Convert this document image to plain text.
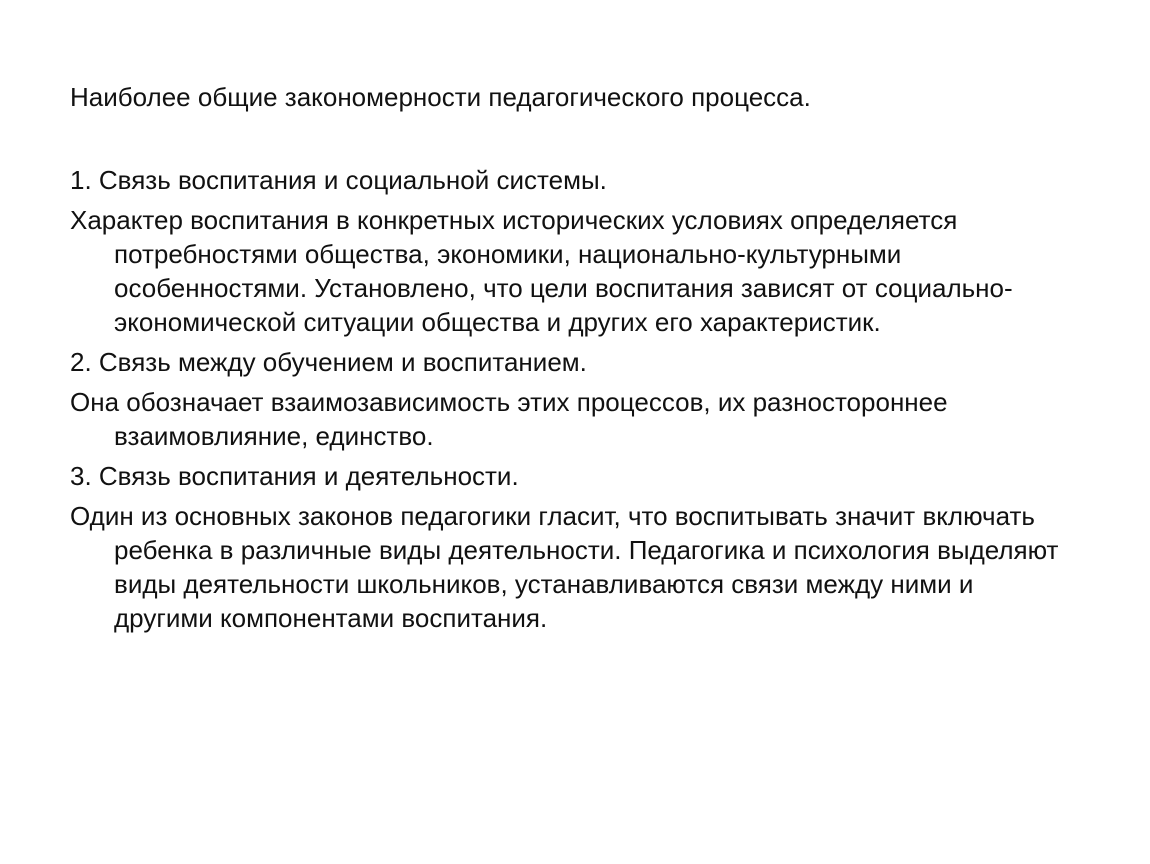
Наиболее общие закономерности педагогического процесса.

1. Связь воспитания и социальной системы.

Характер воспитания в конкретных исторических условиях определяется потребностями общества, экономики, национально-культурными особенностями. Установлено, что цели воспитания зависят от социально-экономической ситуации общества и других его характеристик.

2. Связь между обучением и воспитанием.

Она обозначает взаимозависимость этих процессов, их разностороннее взаимовлияние, единство.

3. Связь воспитания и деятельности.

Один из основных законов педагогики гласит, что воспитывать значит включать ребенка в различные виды деятельности. Педагогика и психология выделяют виды деятельности школьников, устанавливаются связи между ними и другими компонентами воспитания.
